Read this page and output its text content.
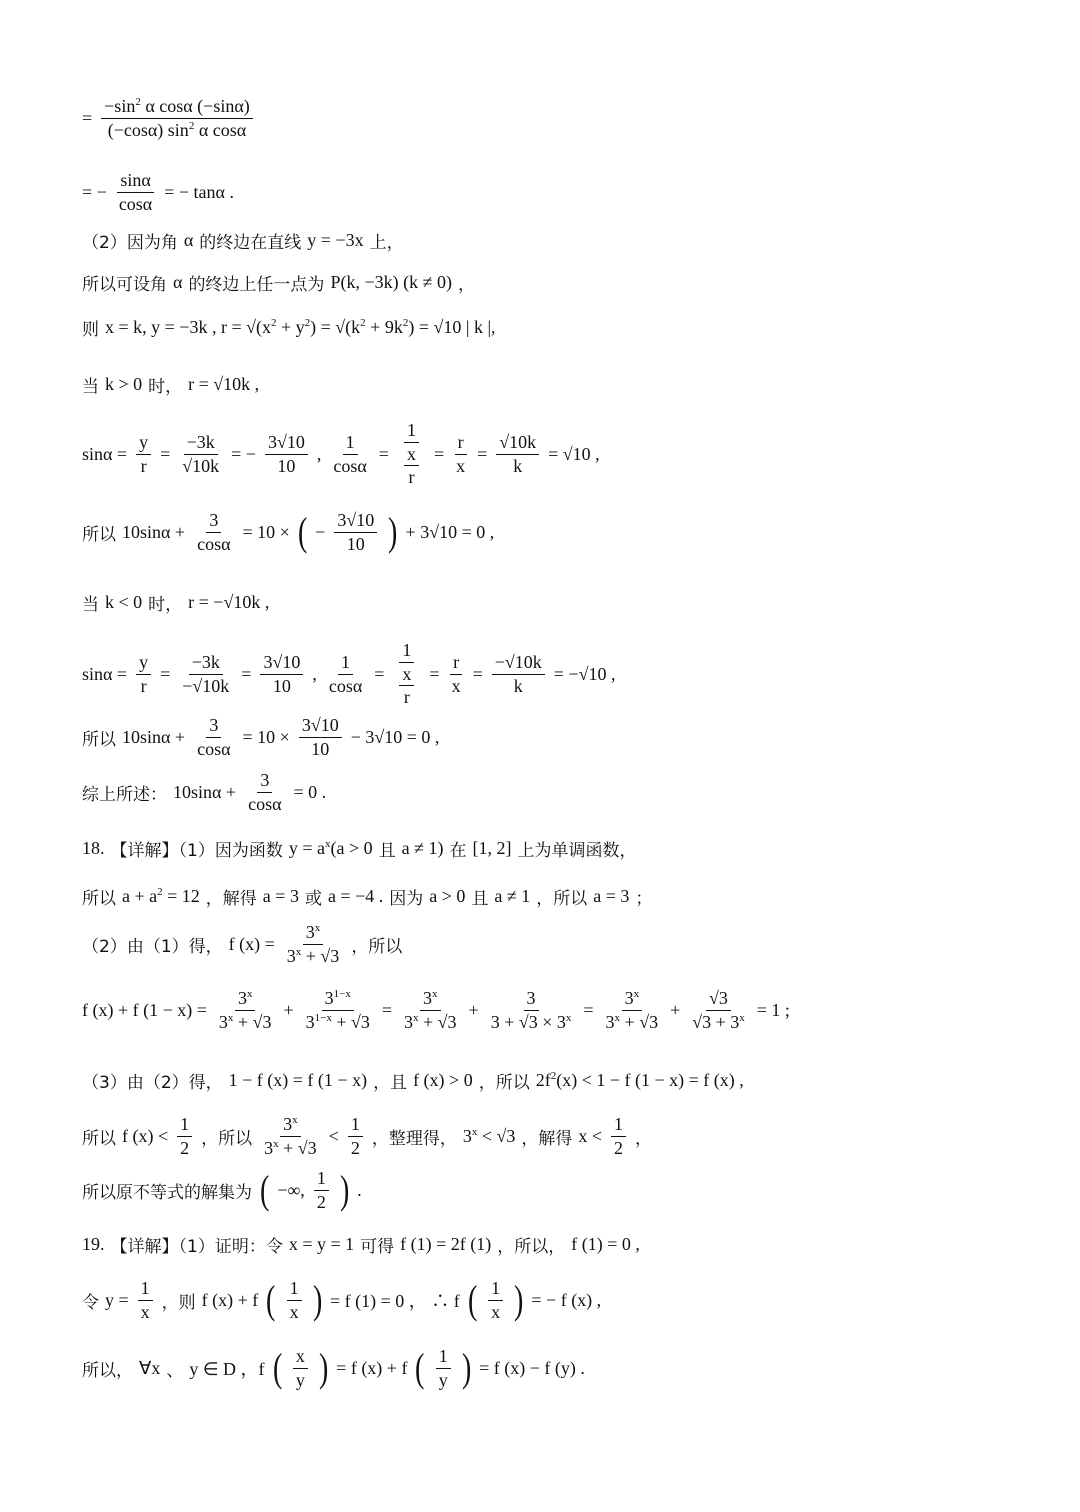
= $\frac{-\sin^2 \alpha \cos\alpha (-\sin\alpha)}{(-\cos\alpha) \sin^2 \alpha \cos\alpha}$
= − $\frac{\sin\alpha}{\cos\alpha}$ = − tanα .
（2）因为角 α 的终边在直线 y = −3x 上，
所以可设角 α 的终边上任一点为 P(k, −3k) (k ≠ 0) ，
则 x = k, y = −3k , $r = √(x^2 + y^2) = √(k^2 + 9k^2) = √10$ | k |,
当 k > 0 时， r = √10k ,
$\sin\alpha = \frac{y}{r} = \frac{-3k}{√10k}$ = − $\frac{3√10}{10}$ , $\frac{1}{\cos\alpha} = \frac{1}{\frac{x}{r}} = \frac{r}{x} = \frac{√10k}{k} = √10$ ,
所以 $10\sin\alpha + \frac{3}{\cos\alpha} = 10$ × ( − $\frac{3√10}{10}$ ) + 3√10 = 0 ,
当 k < 0 时， r = −√10k ,
$\sin\alpha = \frac{y}{r} = \frac{-3k}{-√10k} = \frac{3√10}{10}$ , $\frac{1}{\cos\alpha} = \frac{1}{\frac{x}{r}} = \frac{r}{x} = \frac{-√10k}{k} = -√10$ ,
所以 $10\sin\alpha + \frac{3}{\cos\alpha} = 10 \times \frac{3√10}{10} - 3√10 = 0$ ,
综上所述： $10\sin\alpha + \frac{3}{\cos\alpha} = 0$ .
18. 【详解】（1）因为函数 $y = a^x(a > 0$ 且 a ≠ 1) 在 [1, 2] 上为单调函数，
所以 $a + a^2 = 12$ ，解得 a = 3 或 a = −4 . 因为 a > 0 且 a ≠ 1 ，所以 a = 3 ；
（2）由（1）得， f $(x) = \frac{3^x}{3^x + √3}$ ，所以
f (x) + f $(1 - x) = \frac{3^x}{3^x + √3} + \frac{3^{1-x}}{3^{1-x} + √3} = \frac{3^x}{3^x + √3} + \frac{3}{3 + √3 \times 3^x} = \frac{3^x}{3^x + √3} + \frac{√3}{√3 + 3^x} = 1$ ;
（3）由（2）得， 1 − f (x) = f (1 − x) ，且 f (x) > 0 ，所以 $2f^2(x) < 1 - f$ (1 − x) = f (x) ,
所以 f $(x) < \frac{1}{2}$ ，所以 $\frac{3^x}{3^x + √3} < \frac{1}{2}$ ，整理得， $3^x < √3$ ，解得 $x < \frac{1}{2}$ ，
所以原不等式的解集为 ( −∞, $\frac{1}{2}$ ) .
19. 【详解】（1）证明：令 x = y = 1 可得 f (1) = 2f (1) ，所以， f (1) = 0 ,
令 $y = \frac{1}{x}$ ，则 f (x) + f ( $\frac{1}{x}$ ) = f (1) = 0 ， ∴ f ( $\frac{1}{x}$ ) = − f (x) ,
所以， ∀x 、 y ∈ D ，f ( $\frac{x}{y}$ ) = f (x) + f ( $\frac{1}{y}$ ) = f (x) − f (y) .
